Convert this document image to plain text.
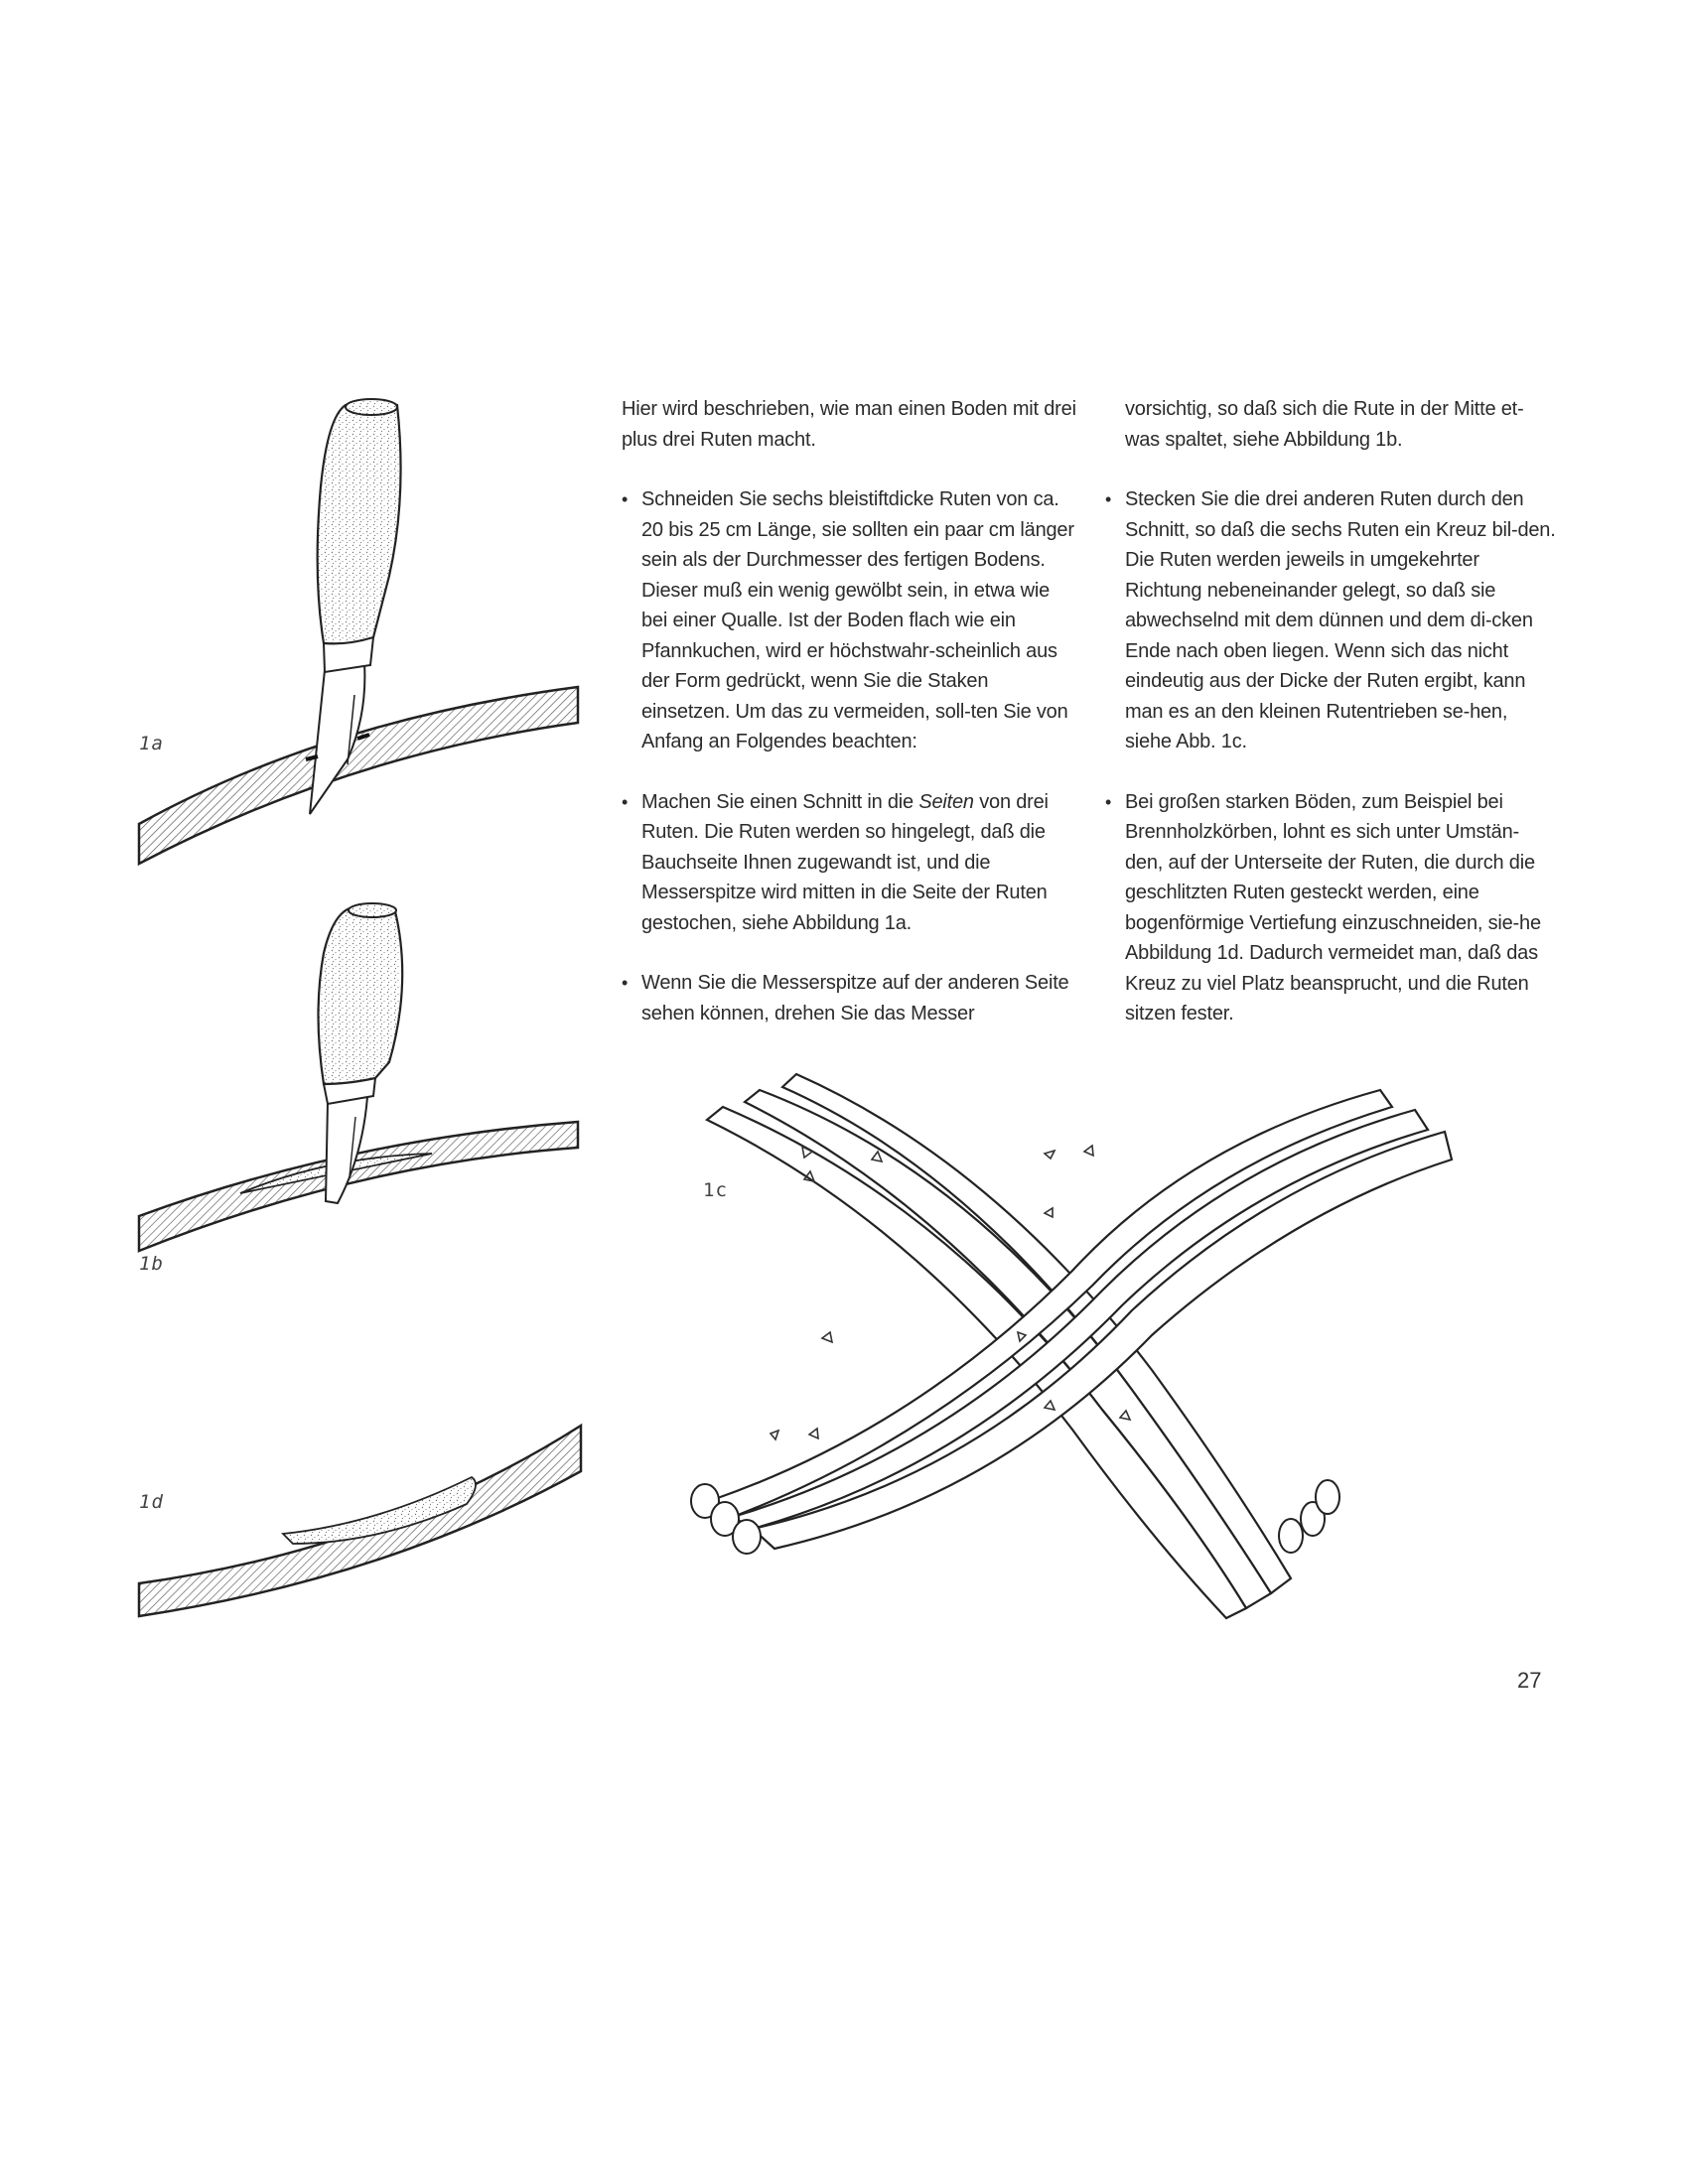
1a
1b
1d
1c

Hier wird beschrieben, wie man einen Boden mit drei plus drei Ruten macht.

• Schneiden Sie sechs bleistiftdicke Ruten von ca. 20 bis 25 cm Länge, sie sollten ein paar cm länger sein als der Durchmesser des fertigen Bodens. Dieser muß ein wenig gewölbt sein, in etwa wie bei einer Qualle. Ist der Boden flach wie ein Pfannkuchen, wird er höchstwahr-scheinlich aus der Form gedrückt, wenn Sie die Staken einsetzen. Um das zu vermeiden, soll-ten Sie von Anfang an Folgendes beachten:
• Machen Sie einen Schnitt in die Seiten von drei Ruten. Die Ruten werden so hingelegt, daß die Bauchseite Ihnen zugewandt ist, und die Messerspitze wird mitten in die Seite der Ruten gestochen, siehe Abbildung 1a.
• Wenn Sie die Messerspitze auf der anderen Seite sehen können, drehen Sie das Messer
vorsichtig, so daß sich die Rute in der Mitte et-was spaltet, siehe Abbildung 1b.
• Stecken Sie die drei anderen Ruten durch den Schnitt, so daß die sechs Ruten ein Kreuz bil-den. Die Ruten werden jeweils in umgekehrter Richtung nebeneinander gelegt, so daß sie abwechselnd mit dem dünnen und dem di-cken Ende nach oben liegen. Wenn sich das nicht eindeutig aus der Dicke der Ruten ergibt, kann man es an den kleinen Rutentrieben se-hen, siehe Abb. 1c.
• Bei großen starken Böden, zum Beispiel bei Brennholzkörben, lohnt es sich unter Umstän-den, auf der Unterseite der Ruten, die durch die geschlitzten Ruten gesteckt werden, eine bogenförmige Vertiefung einzuschneiden, sie-he Abbildung 1d. Dadurch vermeidet man, daß das Kreuz zu viel Platz beansprucht, und die Ruten sitzen fester.
27
